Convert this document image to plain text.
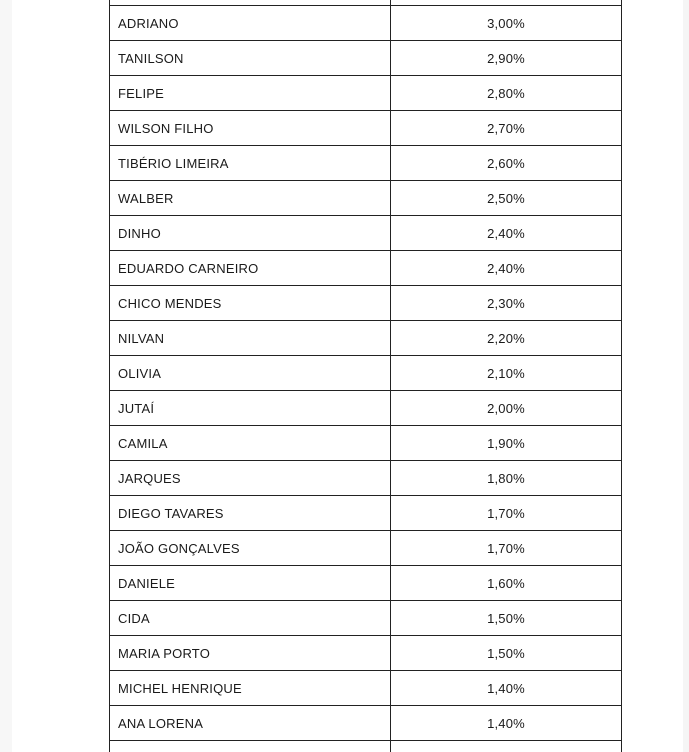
ADRIANO	3,00%
TANILSON	2,90%
FELIPE	2,80%
WILSON FILHO	2,70%
TIBÉRIO LIMEIRA	2,60%
WALBER	2,50%
DINHO	2,40%
EDUARDO CARNEIRO	2,40%
CHICO MENDES	2,30%
NILVAN	2,20%
OLIVIA	2,10%
JUTAÍ	2,00%
CAMILA	1,90%
JARQUES	1,80%
DIEGO TAVARES	1,70%
JOÃO GONÇALVES	1,70%
DANIELE	1,60%
CIDA	1,50%
MARIA PORTO	1,50%
MICHEL HENRIQUE	1,40%
ANA LORENA	1,40%
